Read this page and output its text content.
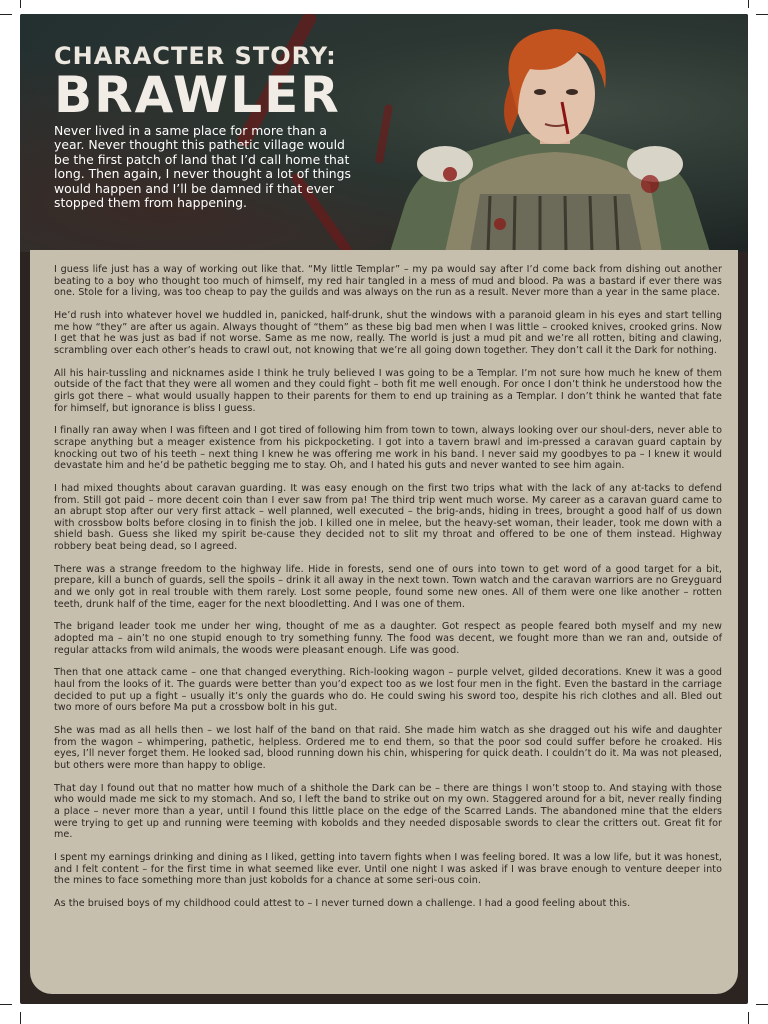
CHARACTER STORY:
BRAWLER

Never lived in a same place for more than a year. Never thought this pathetic village would be the first patch of land that I’d call home that long. Then again, I never thought a lot of things would happen and I’ll be damned if that ever stopped them from happening.

I guess life just has a way of working out like that. “My little Templar” – my pa would say after I’d come back from dishing out another beating to a boy who thought too much of himself, my red hair tangled in a mess of mud and blood. Pa was a bastard if ever there was one. Stole for a living, was too cheap to pay the guilds and was always on the run as a result. Never more than a year in the same place.

He’d rush into whatever hovel we huddled in, panicked, half-drunk, shut the windows with a paranoid gleam in his eyes and start telling me how “they” are after us again. Always thought of “them” as these big bad men when I was little – crooked knives, crooked grins. Now I get that he was just as bad if not worse. Same as me now, really. The world is just a mud pit and we’re all rotten, biting and clawing, scrambling over each other’s heads to crawl out, not knowing that we’re all going down together. They don’t call it the Dark for nothing.

All his hair-tussling and nicknames aside I think he truly believed I was going to be a Templar. I’m not sure how much he knew of them outside of the fact that they were all women and they could fight – both fit me well enough. For once I don’t think he understood how the girls got there – what would usually happen to their parents for them to end up training as a Templar. I don’t think he wanted that fate for himself, but ignorance is bliss I guess.

I finally ran away when I was fifteen and I got tired of following him from town to town, always looking over our shoul-ders, never able to scrape anything but a meager existence from his pickpocketing. I got into a tavern brawl and im-pressed a caravan guard captain by knocking out two of his teeth – next thing I knew he was offering me work in his band. I never said my goodbyes to pa – I knew it would devastate him and he’d be pathetic begging me to stay. Oh, and I hated his guts and never wanted to see him again.

I had mixed thoughts about caravan guarding. It was easy enough on the first two trips what with the lack of any at-tacks to defend from. Still got paid – more decent coin than I ever saw from pa! The third trip went much worse. My career as a caravan guard came to an abrupt stop after our very first attack – well planned, well executed – the brig-ands, hiding in trees, brought a good half of us down with crossbow bolts before closing in to finish the job. I killed one in melee, but the heavy-set woman, their leader, took me down with a shield bash. Guess she liked my spirit be-cause they decided not to slit my throat and offered to be one of them instead. Highway robbery beat being dead, so I agreed.

There was a strange freedom to the highway life. Hide in forests, send one of ours into town to get word of a good target for a bit, prepare, kill a bunch of guards, sell the spoils – drink it all away in the next town. Town watch and the caravan warriors are no Greyguard and we only got in real trouble with them rarely. Lost some people, found some new ones. All of them were one like another – rotten teeth, drunk half of the time, eager for the next bloodletting. And I was one of them.

The brigand leader took me under her wing, thought of me as a daughter. Got respect as people feared both myself and my new adopted ma – ain’t no one stupid enough to try something funny. The food was decent, we fought more than we ran and, outside of regular attacks from wild animals, the woods were pleasant enough. Life was good.

Then that one attack came – one that changed everything. Rich-looking wagon – purple velvet, gilded decorations. Knew it was a good haul from the looks of it. The guards were better than you’d expect too as we lost four men in the fight. Even the bastard in the carriage decided to put up a fight – usually it’s only the guards who do. He could swing his sword too, despite his rich clothes and all. Bled out two more of ours before Ma put a crossbow bolt in his gut.

She was mad as all hells then – we lost half of the band on that raid. She made him watch as she dragged out his wife and daughter from the wagon – whimpering, pathetic, helpless. Ordered me to end them, so that the poor sod could suffer before he croaked. His eyes, I’ll never forget them. He looked sad, blood running down his chin, whispering for quick death. I couldn’t do it. Ma was not pleased, but others were more than happy to oblige.

That day I found out that no matter how much of a shithole the Dark can be – there are things I won’t stoop to. And staying with those who would made me sick to my stomach. And so, I left the band to strike out on my own. Staggered around for a bit, never really finding a place – never more than a year, until I found this little place on the edge of the Scarred Lands. The abandoned mine that the elders were trying to get up and running were teeming with kobolds and they needed disposable swords to clear the critters out. Great fit for me.

I spent my earnings drinking and dining as I liked, getting into tavern fights when I was feeling bored. It was a low life, but it was honest, and I felt content – for the first time in what seemed like ever. Until one night I was asked if I was brave enough to venture deeper into the mines to face something more than just kobolds for a chance at some seri-ous coin.

As the bruised boys of my childhood could attest to – I never turned down a challenge. I had a good feeling about this.
